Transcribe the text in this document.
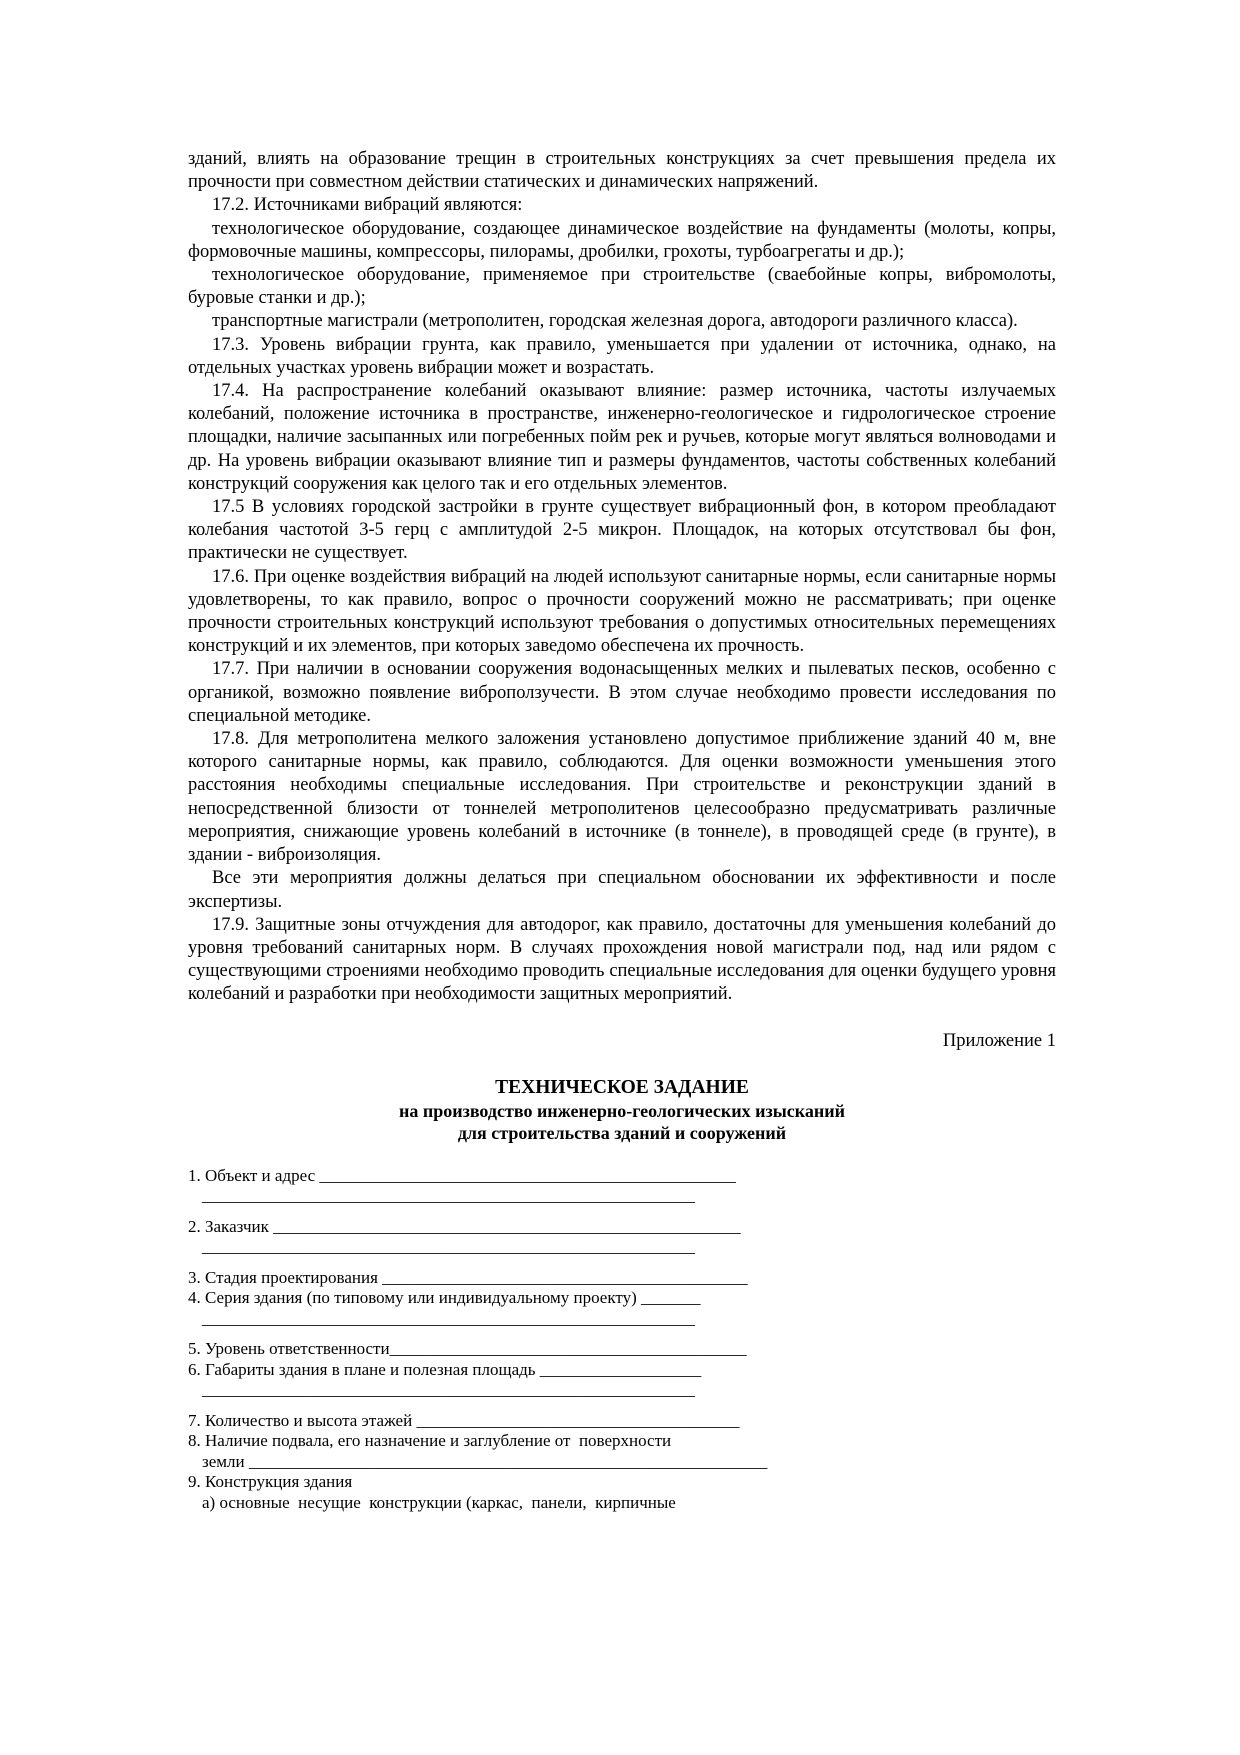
зданий, влиять на образование трещин в строительных конструкциях за счет превышения предела их прочности при совместном действии статических и динамических напряжений.

17.2. Источниками вибраций являются:

технологическое оборудование, создающее динамическое воздействие на фундаменты (молоты, копры, формовочные машины, компрессоры, пилорамы, дробилки, грохоты, турбоагрегаты и др.);

технологическое оборудование, применяемое при строительстве (сваебойные копры, вибромолоты, буровые станки и др.);

транспортные магистрали (метрополитен, городская железная дорога, автодороги различного класса).

17.3. Уровень вибрации грунта, как правило, уменьшается при удалении от источника, однако, на отдельных участках уровень вибрации может и возрастать.

17.4. На распространение колебаний оказывают влияние: размер источника, частоты излучаемых колебаний, положение источника в пространстве, инженерно-геологическое и гидрологическое строение площадки, наличие засыпанных или погребенных пойм рек и ручьев, которые могут являться волноводами и др. На уровень вибрации оказывают влияние тип и размеры фундаментов, частоты собственных колебаний конструкций сооружения как целого так и его отдельных элементов.

17.5 В условиях городской застройки в грунте существует вибрационный фон, в котором преобладают колебания частотой 3-5 герц с амплитудой 2-5 микрон. Площадок, на которых отсутствовал бы фон, практически не существует.

17.6. При оценке воздействия вибраций на людей используют санитарные нормы, если санитарные нормы удовлетворены, то как правило, вопрос о прочности сооружений можно не рассматривать; при оценке прочности строительных конструкций используют требования о допустимых относительных перемещениях конструкций и их элементов, при которых заведомо обеспечена их прочность.

17.7. При наличии в основании сооружения водонасыщенных мелких и пылеватых песков, особенно с органикой, возможно появление виброползучести. В этом случае необходимо провести исследования по специальной методике.

17.8. Для метрополитена мелкого заложения установлено допустимое приближение зданий 40 м, вне которого санитарные нормы, как правило, соблюдаются. Для оценки возможности уменьшения этого расстояния необходимы специальные исследования. При строительстве и реконструкции зданий в непосредственной близости от тоннелей метрополитенов целесообразно предусматривать различные мероприятия, снижающие уровень колебаний в источнике (в тоннеле), в проводящей среде (в грунте), в здании - виброизоляция.

Все эти мероприятия должны делаться при специальном обосновании их эффективности и после экспертизы.

17.9. Защитные зоны отчуждения для автодорог, как правило, достаточны для уменьшения колебаний до уровня требований санитарных норм. В случаях прохождения новой магистрали под, над или рядом с существующими строениями необходимо проводить специальные исследования для оценки будущего уровня колебаний и разработки при необходимости защитных мероприятий.

Приложение 1

ТЕХНИЧЕСКОЕ ЗАДАНИЕ
на производство инженерно-геологических изысканий
для строительства зданий и сооружений
1. Объект и адрес _________________________________________________
__________________________________________________________
2. Заказчик _______________________________________________________
__________________________________________________________
3. Стадия проектирования ___________________________________________
4. Серия здания (по типовому или индивидуальному проекту) _______
__________________________________________________________
5. Уровень ответственности__________________________________________
6. Габариты здания в плане и полезная площадь ___________________
__________________________________________________________
7. Количество и высота этажей ______________________________________
8. Наличие подвала, его назначение и заглубление от  поверхности
земли _____________________________________________________________
9. Конструкция здания
а) основные  несущие  конструкции (каркас,  панели,  кирпичные
